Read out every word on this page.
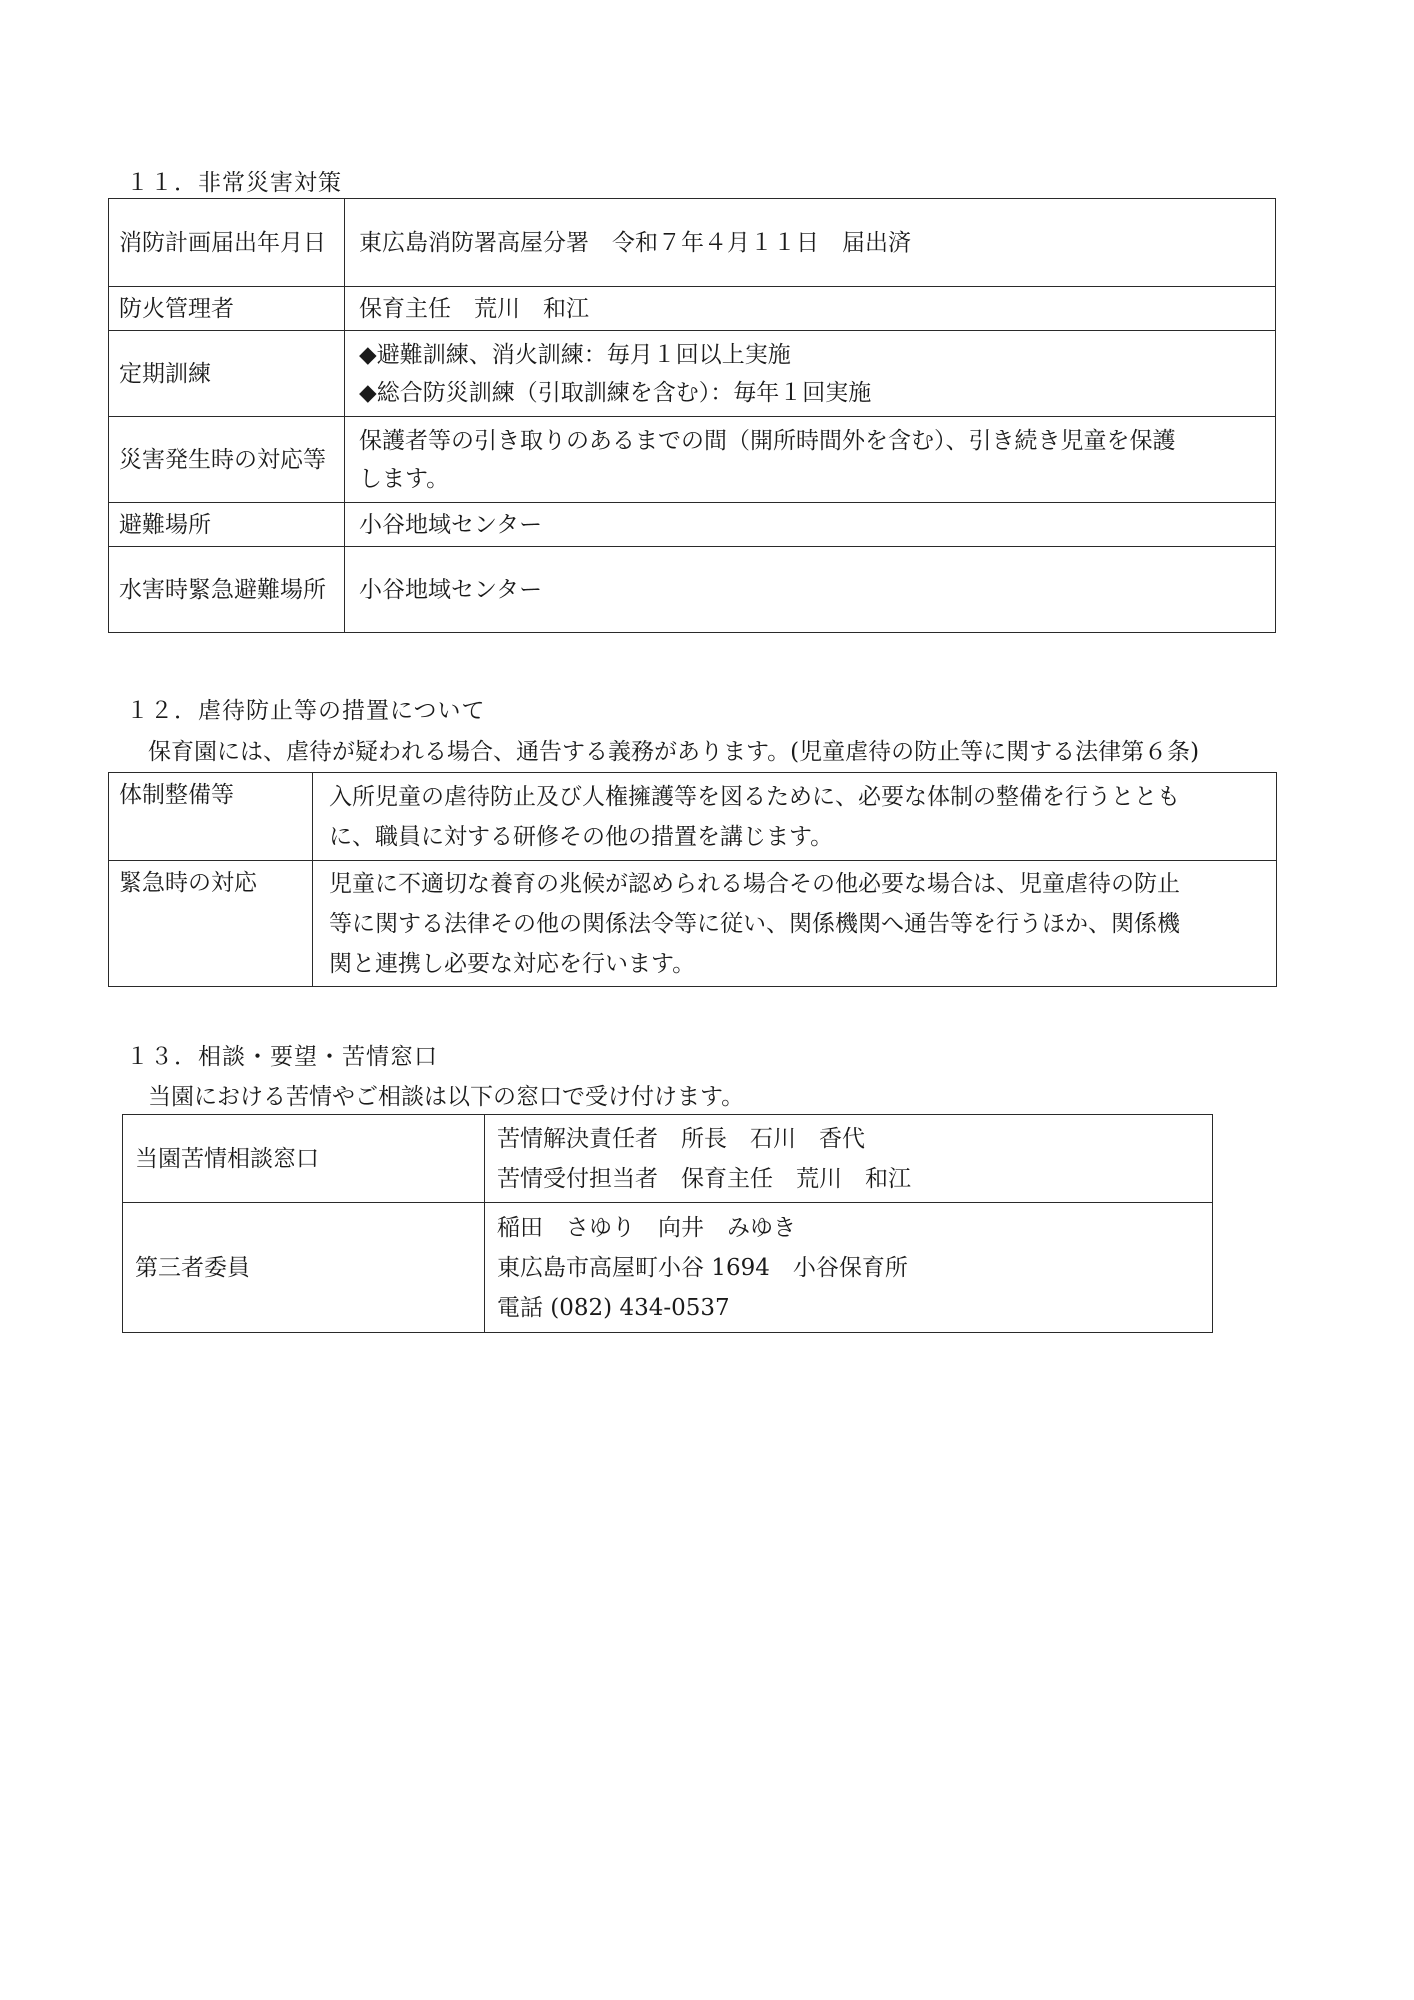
１１．非常災害対策
消防計画届出年月日	東広島消防署高屋分署　令和７年４月１１日　届出済

防火管理者	保育主任　荒川　和江

定期訓練	◆避難訓練、消火訓練：毎月１回以上実施
◆総合防災訓練（引取訓練を含む）：毎年１回実施

災害発生時の対応等	保護者等の引き取りのあるまでの間（開所時間外を含む）、引き続き児童を保護
します。

避難場所	小谷地域センター

水害時緊急避難場所	小谷地域センター
１２．虐待防止等の措置について
保育園には、虐待が疑われる場合、通告する義務があります。(児童虐待の防止等に関する法律第６条)
体制整備等	入所児童の虐待防止及び人権擁護等を図るために、必要な体制の整備を行うととも
に、職員に対する研修その他の措置を講じます。

緊急時の対応	児童に不適切な養育の兆候が認められる場合その他必要な場合は、児童虐待の防止
等に関する法律その他の関係法令等に従い、関係機関へ通告等を行うほか、関係機
関と連携し必要な対応を行います。
１３．相談・要望・苦情窓口
当園における苦情やご相談は以下の窓口で受け付けます。
当園苦情相談窓口	苦情解決責任者　所長　石川　香代
苦情受付担当者　保育主任　荒川　和江

第三者委員	稲田　さゆり　向井　みゆき
東広島市高屋町小谷 1694　小谷保育所
電話 (082) 434-0537
